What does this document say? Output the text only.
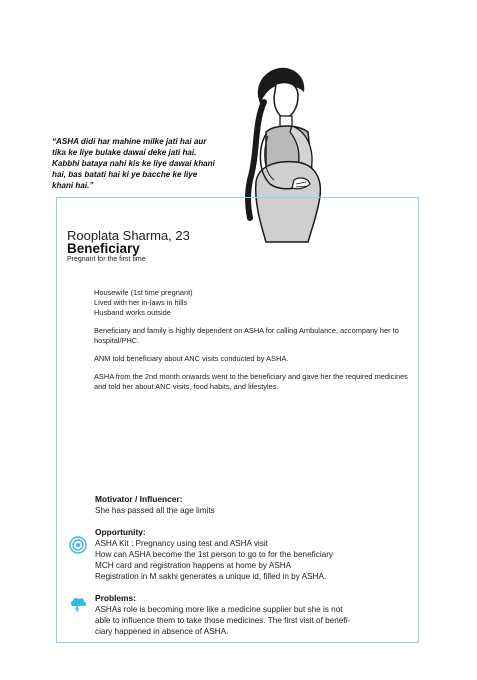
“ASHA didi har mahine milke jati hai aur
tika ke liye bulake dawai deke jati hai.
Kabbhi bataya nahi kis ke liye dawai khani
hai, bas batati hai ki ye bacche ke liye
khani hai.”
Rooplata Sharma, 23
Beneficiary
Pregnant for the first time
Housewife (1st time pregnant)
Lived with her in-laws in hills
Husband works outside
Beneficiary and family is highly dependent on ASHA for calling Ambulance, accompany her to hospital/PHC.
ANM told beneficiary about ANC visits conducted by ASHA.
ASHA from the 2nd month onwards went to the beneficiary and gave her the required medicines and told her about ANC visits, food habits, and lifestyles.
Motivator / Influencer:
She has passed all the age limits
Opportunity:
ASHA Kit : Pregnancy using test and ASHA visit
How can ASHA become the 1st person to go to for the beneficiary
MCH card and registration happens at home by ASHA
Registration in M sakhi generates a unique id, filled in by ASHA.
Problems:
ASHAs role is becoming more like a medicine supplier but she is not
able to influence them to take those medicines. The first visit of benefi-
ciary happened in absence of ASHA.
